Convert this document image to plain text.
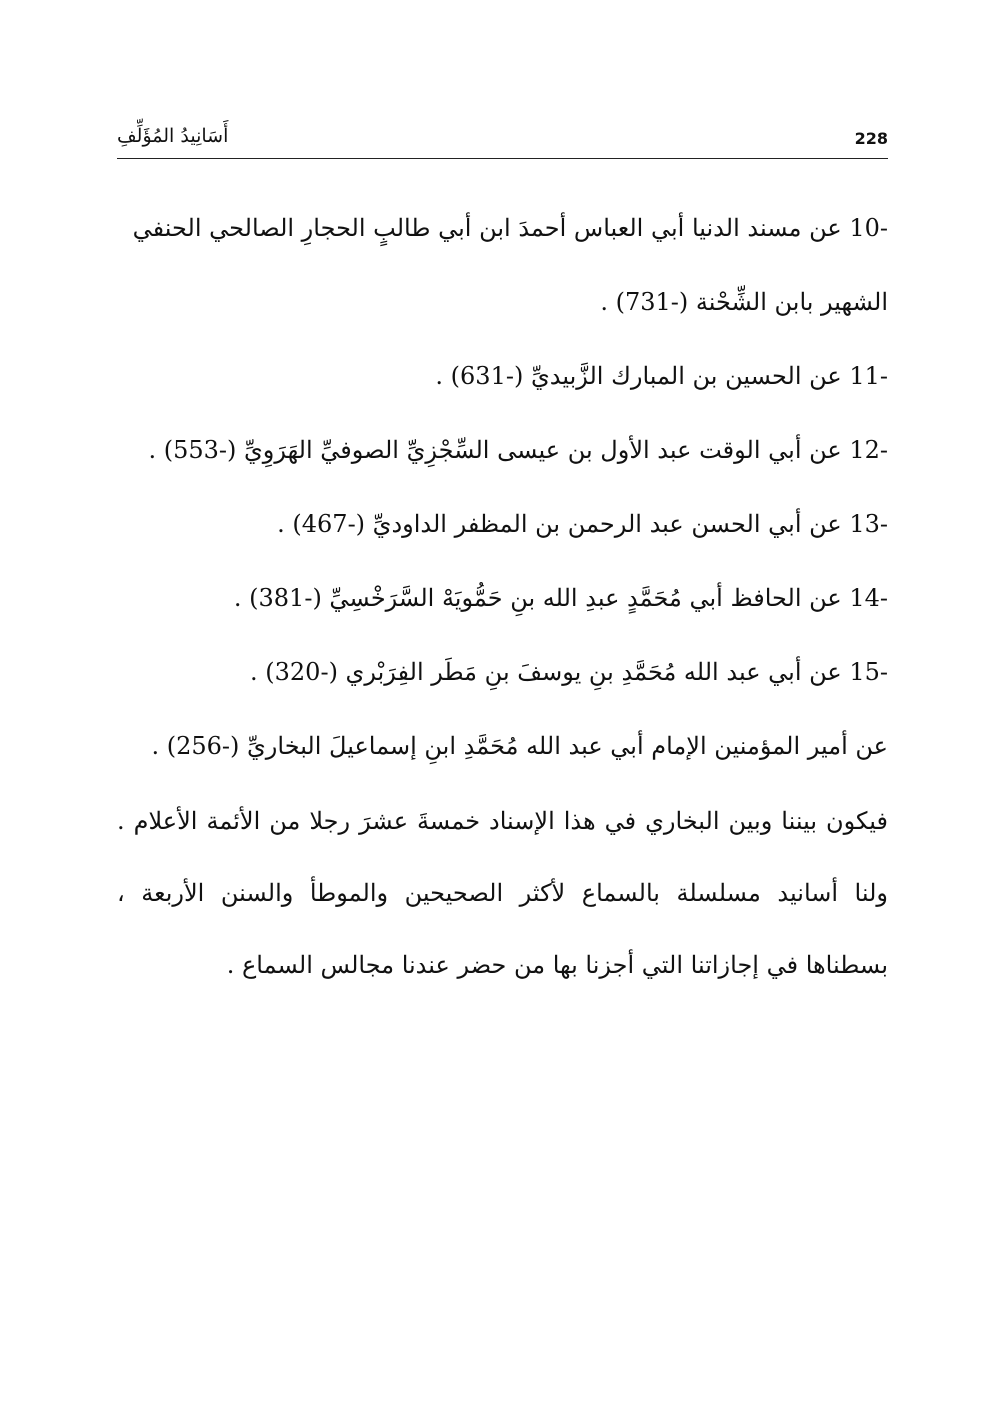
228
أَسَانِيدُ المُؤَلِّفِ
-10 عن مسند الدنيا أبي العباس أحمدَ ابن أبي طالبٍ الحجارِ الصالحي الحنفي
الشهير بابن الشِّحْنة (-731) .
-11 عن الحسين بن المبارك الزَّبيديِّ (-631) .
-12 عن أبي الوقت عبد الأول بن عيسى السِّجْزِيِّ الصوفيِّ الهَرَوِيِّ (-553) .
-13 عن أبي الحسن عبد الرحمن بن المظفر الداوديِّ (-467) .
-14 عن الحافظ أبي مُحَمَّدٍ عبدِ الله بنِ حَمُّويَهْ السَّرَخْسِيِّ (-381) .
-15 عن أبي عبد الله مُحَمَّدِ بنِ يوسفَ بنِ مَطَر الفِرَبْري (-320) .
عن أمير المؤمنين الإمام أبي عبد الله مُحَمَّدِ ابنِ إسماعيلَ البخاريِّ (-256) .

فيكون بيننا وبين البخاري في هذا الإسناد خمسةَ عشرَ رجلا من الأئمة الأعلام . ولنا أسانيد مسلسلة بالسماع لأكثر الصحيحين والموطأ والسنن الأربعة ، بسطناها في إجازاتنا التي أجزنا بها من حضر عندنا مجالس السماع .
